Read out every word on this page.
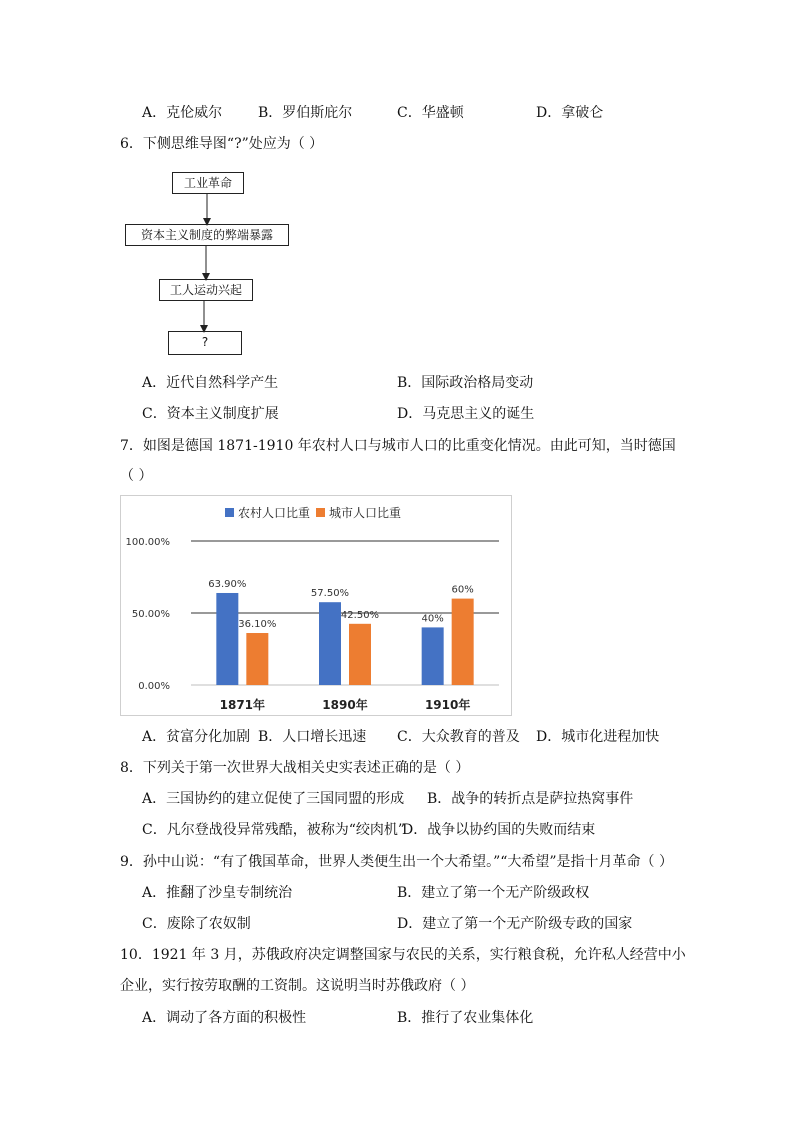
A．克伦威尔	B．罗伯斯庇尔	C．华盛顿	D．拿破仑
6．下侧思维导图“?”处应为（ ）
工业革命
资本主义制度的弊端暴露
工人运动兴起
?
A．近代自然科学产生	B．国际政治格局变动
C．资本主义制度扩展	D．马克思主义的诞生
7．如图是德国 1871-1910 年农村人口与城市人口的比重变化情况。由此可知，当时德国
（ ）
农村人口比重 城市人口比重
0.00%
50.00%
100.00%
63.90%
36.10%
1871年
57.50%
42.50%
1890年
40%
60%
1910年
A．贫富分化加剧 B．人口增长迅速 C．大众教育的普及 D．城市化进程加快
8．下列关于第一次世界大战相关史实表述正确的是（ ）
A．三国协约的建立促使了三国同盟的形成 B．战争的转折点是萨拉热窝事件
C．凡尔登战役异常残酷，被称为“绞肉机”
D．战争以协约国的失败而结束
9．孙中山说：“有了俄国革命，世界人类便生出一个大希望。”“大希望”是指十月革命（ ）
A．推翻了沙皇专制统治	B．建立了第一个无产阶级政权
C．废除了农奴制	D．建立了第一个无产阶级专政的国家
10．1921 年 3 月，苏俄政府决定调整国家与农民的关系，实行粮食税，允许私人经营中小
企业，实行按劳取酬的工资制。这说明当时苏俄政府（ ）
A．调动了各方面的积极性	B．推行了农业集体化
